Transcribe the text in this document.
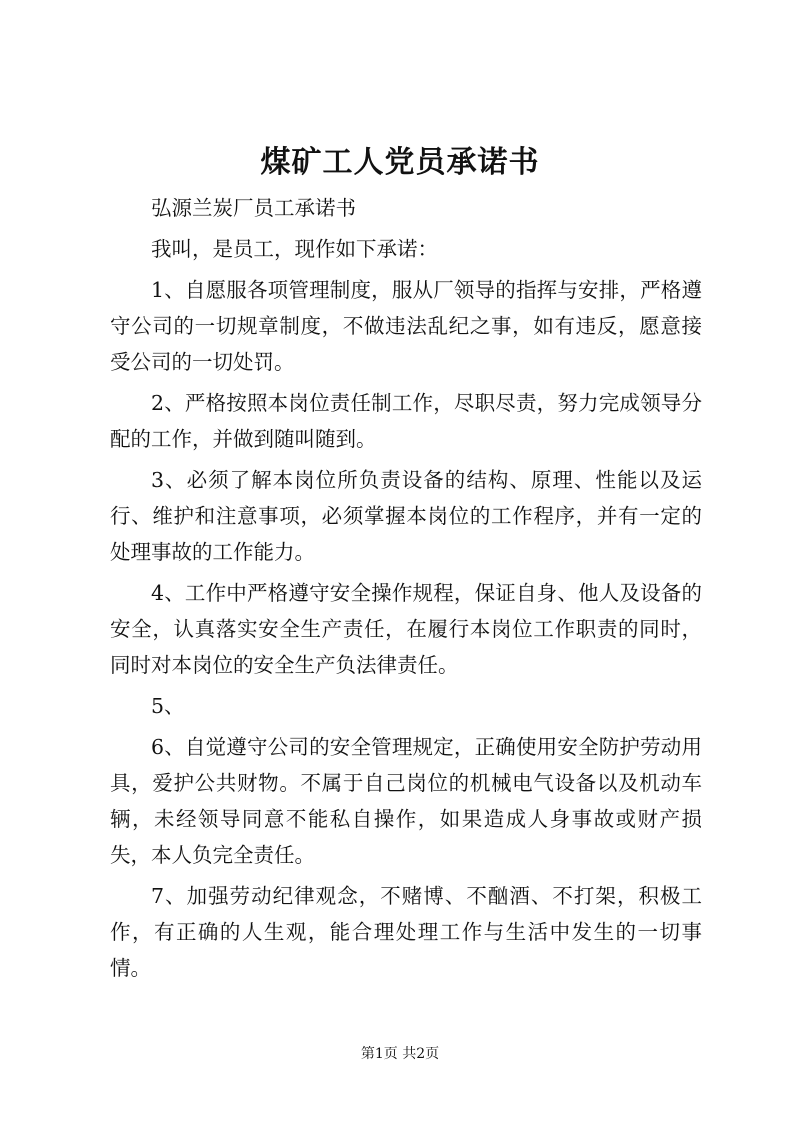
煤矿工人党员承诺书

弘源兰炭厂员工承诺书

我叫，是员工，现作如下承诺：

1、自愿服各项管理制度，服从厂领导的指挥与安排，严格遵守公司的一切规章制度，不做违法乱纪之事，如有违反，愿意接受公司的一切处罚。

2、严格按照本岗位责任制工作，尽职尽责，努力完成领导分配的工作，并做到随叫随到。

3、必须了解本岗位所负责设备的结构、原理、性能以及运行、维护和注意事项，必须掌握本岗位的工作程序，并有一定的处理事故的工作能力。

4、工作中严格遵守安全操作规程，保证自身、他人及设备的安全，认真落实安全生产责任，在履行本岗位工作职责的同时，同时对本岗位的安全生产负法律责任。

5、

6、自觉遵守公司的安全管理规定，正确使用安全防护劳动用具，爱护公共财物。不属于自己岗位的机械电气设备以及机动车辆，未经领导同意不能私自操作，如果造成人身事故或财产损失，本人负完全责任。

7、加强劳动纪律观念，不赌博、不酗酒、不打架，积极工作，有正确的人生观，能合理处理工作与生活中发生的一切事情。

第1页 共2页
